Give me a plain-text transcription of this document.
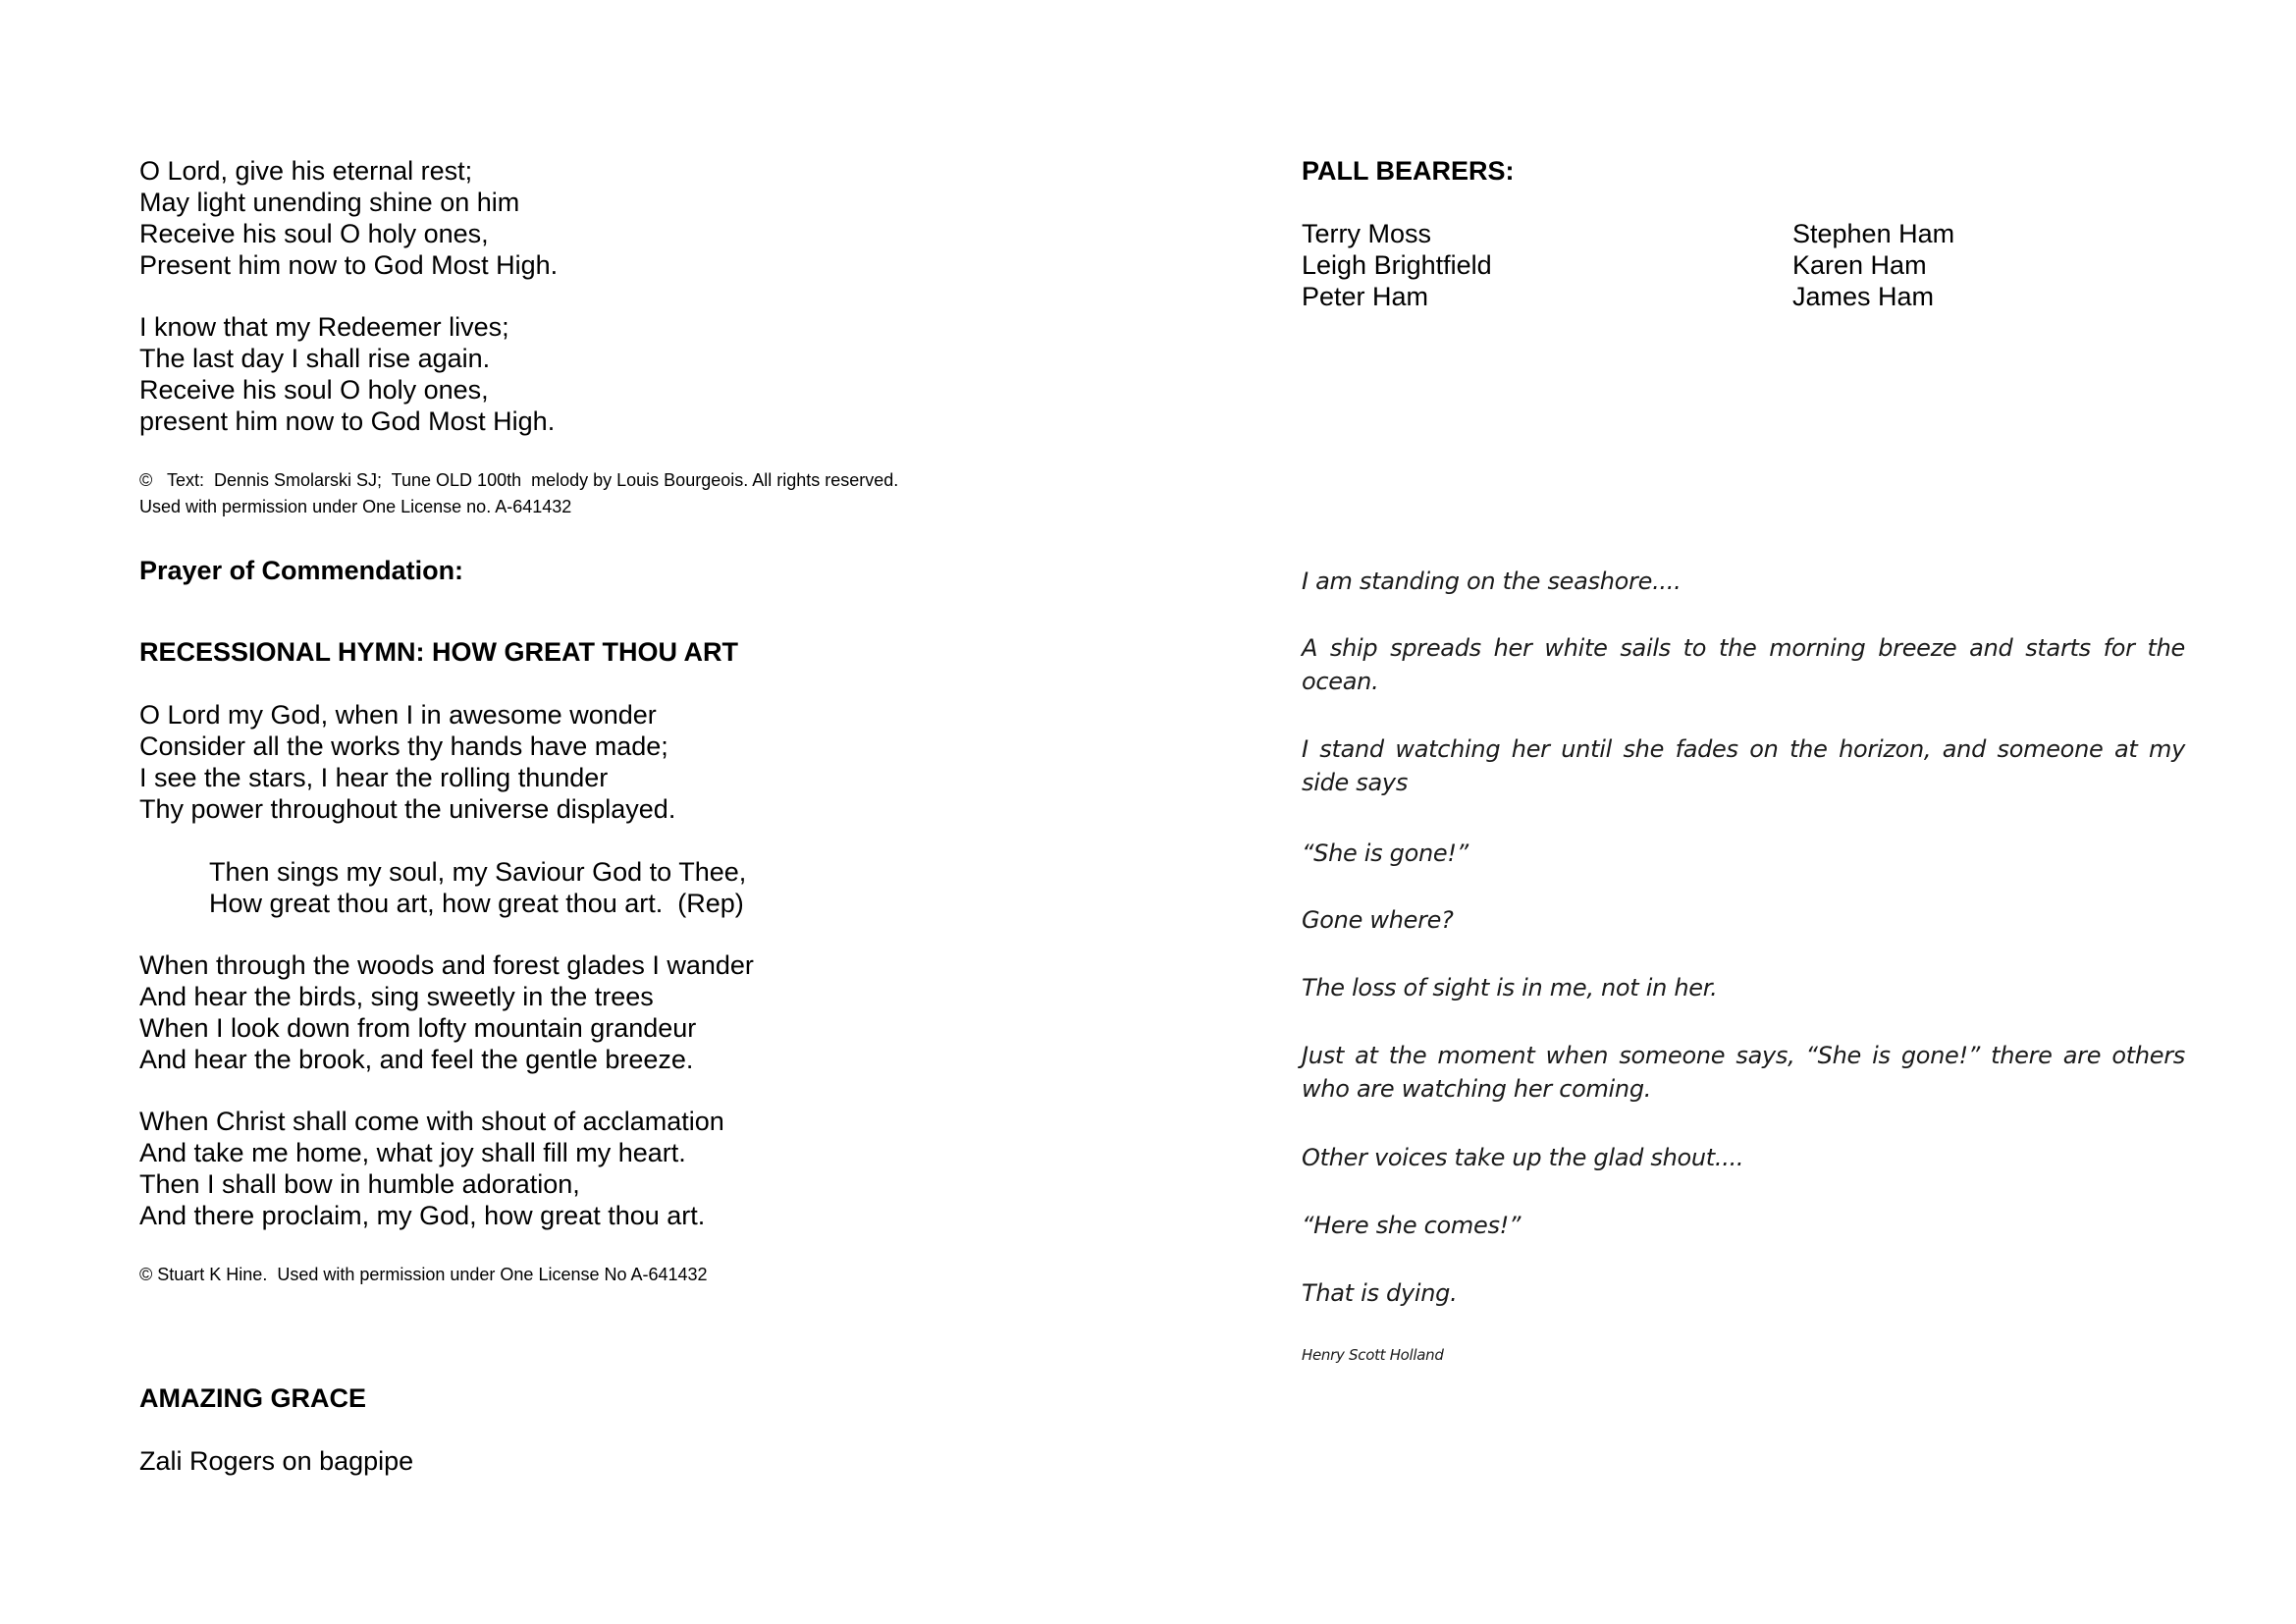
O Lord, give his eternal rest;
May light unending shine on him
Receive his soul O holy ones,
Present him now to God Most High.
I know that my Redeemer lives;
The last day I shall rise again.
Receive his soul O holy ones,
present him now to God Most High.
©   Text:  Dennis Smolarski SJ;  Tune OLD 100th  melody by Louis Bourgeois. All rights reserved.
Used with permission under One License no. A-641432
Prayer of Commendation:
RECESSIONAL HYMN: HOW GREAT THOU ART
O Lord my God, when I in awesome wonder
Consider all the works thy hands have made;
I see the stars, I hear the rolling thunder
Thy power throughout the universe displayed.
Then sings my soul, my Saviour God to Thee,
How great thou art, how great thou art.  (Rep)
When through the woods and forest glades I wander
And hear the birds, sing sweetly in the trees
When I look down from lofty mountain grandeur
And hear the brook, and feel the gentle breeze.
When Christ shall come with shout of acclamation
And take me home, what joy shall fill my heart.
Then I shall bow in humble adoration,
And there proclaim, my God, how great thou art.
© Stuart K Hine.  Used with permission under One License No A-641432
AMAZING GRACE
Zali Rogers on bagpipe
PALL BEARERS:
Terry Moss
Leigh Brightfield
Peter Ham
Stephen Ham
Karen Ham
James Ham

I am standing on the seashore....

A ship spreads her white sails to the morning breeze and starts for the ocean.

I stand watching her until she fades on the horizon, and someone at my side says

“She is gone!”

Gone where?

The loss of sight is in me, not in her.

Just at the moment when someone says, “She is gone!” there are others who are watching her coming.

Other voices take up the glad shout....

“Here she comes!”

That is dying.

Henry Scott Holland
